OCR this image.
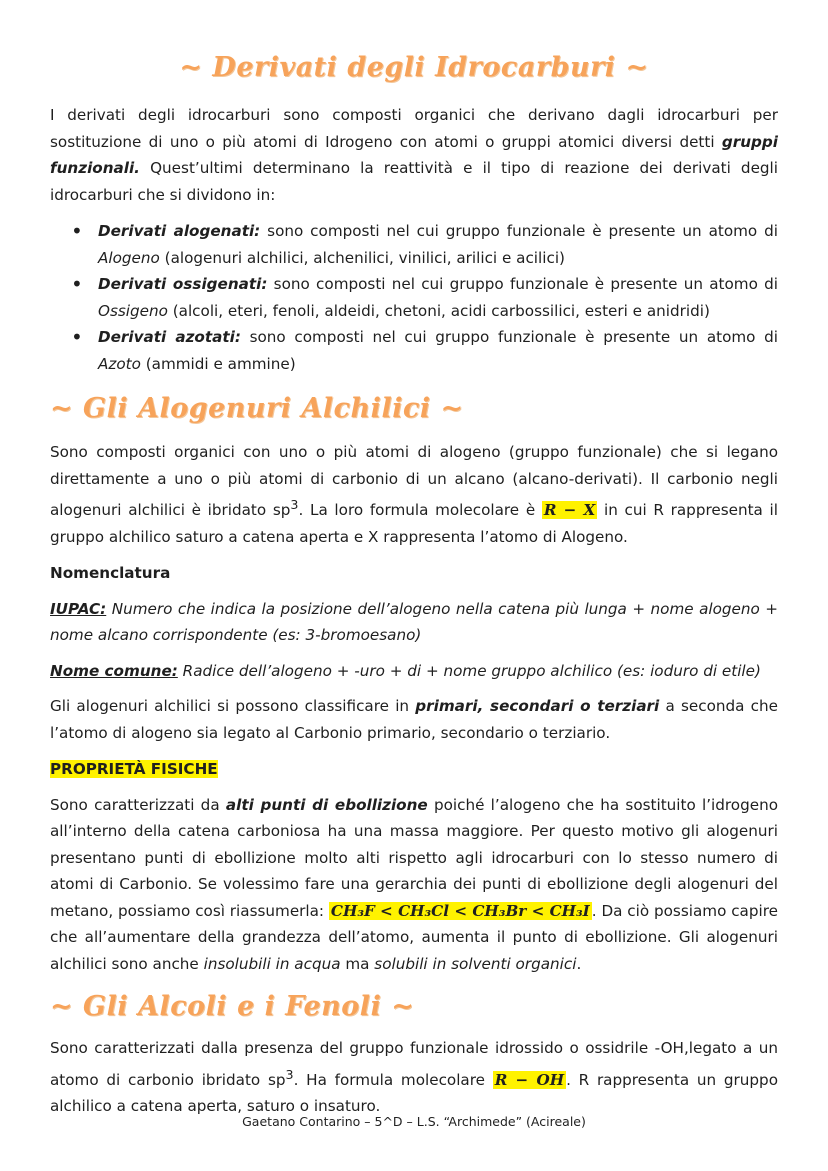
~ Derivati degli Idrocarburi ~

I derivati degli idrocarburi sono composti organici che derivano dagli idrocarburi per sostituzione di uno o più atomi di Idrogeno con atomi o gruppi atomici diversi detti gruppi funzionali. Quest’ultimi determinano la reattività e il tipo di reazione dei derivati degli idrocarburi che si dividono in:

• Derivati alogenati: sono composti nel cui gruppo funzionale è presente un atomo di Alogeno (alogenuri alchilici, alchenilici, vinilici, arilici e acilici)
• Derivati ossigenati: sono composti nel cui gruppo funzionale è presente un atomo di Ossigeno (alcoli, eteri, fenoli, aldeidi, chetoni, acidi carbossilici, esteri e anidridi)
• Derivati azotati: sono composti nel cui gruppo funzionale è presente un atomo di Azoto (ammidi e ammine)
~ Gli Alogenuri Alchilici ~

Sono composti organici con uno o più atomi di alogeno (gruppo funzionale) che si legano direttamente a uno o più atomi di carbonio di un alcano (alcano-derivati). Il carbonio negli alogenuri alchilici è ibridato $sp^3$. La loro formula molecolare è R − X in cui R rappresenta il gruppo alchilico saturo a catena aperta e X rappresenta l’atomo di Alogeno.

Nomenclatura

IUPAC: Numero che indica la posizione dell’alogeno nella catena più lunga + nome alogeno + nome alcano corrispondente (es: 3-bromoesano)

Nome comune: Radice dell’alogeno + -uro + di + nome gruppo alchilico (es: ioduro di etile)

Gli alogenuri alchilici si possono classificare in primari, secondari o terziari a seconda che l’atomo di alogeno sia legato al Carbonio primario, secondario o terziario.

PROPRIETÀ FISICHE

Sono caratterizzati da alti punti di ebollizione poiché l’alogeno che ha sostituito l’idrogeno all’interno della catena carboniosa ha una massa maggiore. Per questo motivo gli alogenuri presentano punti di ebollizione molto alti rispetto agli idrocarburi con lo stesso numero di atomi di Carbonio. Se volessimo fare una gerarchia dei punti di ebollizione degli alogenuri del metano, possiamo così riassumerla: CH₃F < CH₃Cl < CH₃Br < CH₃I . Da ciò possiamo capire che all’aumentare della grandezza dell’atomo, aumenta il punto di ebollizione. Gli alogenuri alchilici sono anche insolubili in acqua ma solubili in solventi organici.

~ Gli Alcoli e i Fenoli ~

Sono caratterizzati dalla presenza del gruppo funzionale idrossido o ossidrile -OH,legato a un atomo di carbonio ibridato $sp^3$. Ha formula molecolare R − OH . R rappresenta un gruppo alchilico a catena aperta, saturo o insaturo.

Gaetano Contarino – 5^D – L.S. “Archimede” (Acireale)
